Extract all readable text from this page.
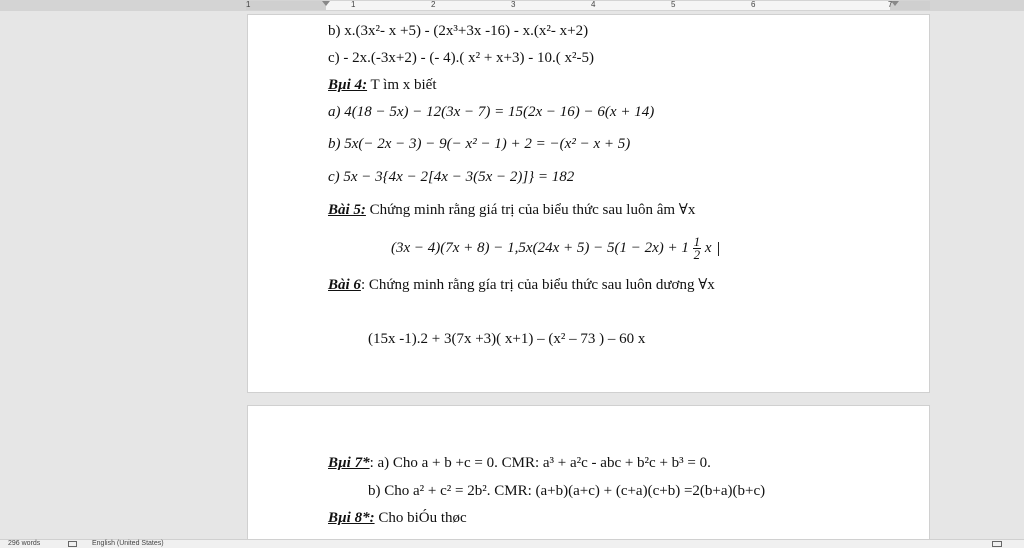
1	1	2	3	4	5	6	7
b) x.(3x²- x +5) - (2x³+3x -16) - x.(x²- x+2)
c) - 2x.(-3x+2) - (- 4).( x² + x+3) - 10.( x²-5)
Bµi 4: T ìm x biết
a) 4(18 − 5x) − 12(3x − 7) = 15(2x − 16) − 6(x + 14)
b) 5x(− 2x − 3) − 9(− x² − 1) + 2 = −(x² − x + 5)
c) 5x − 3{4x − 2[4x − 3(5x − 2)]} = 182
Bài 5: Chứng minh rằng giá trị của biểu thức sau luôn âm ∀x
$(3x - 4)(7x + 8) - 1,5x(24x + 5) - 5(1 - 2x) + 1 \frac{1}{2}$ x
Bài 6: Chứng minh rằng gía trị của biểu thức sau luôn dương ∀x
(15x -1).2 + 3(7x +3)( x+1) – (x² – 73 ) – 60 x
Bµi 7*: a) Cho a + b +c = 0. CMR: a³ + a²c - abc + b²c + b³ = 0.
b) Cho a² + c² = 2b². CMR: (a+b)(a+c) + (c+a)(c+b) =2(b+a)(b+c)
Bµi 8*: Cho biÓu thøc
296 words	English (United States)
